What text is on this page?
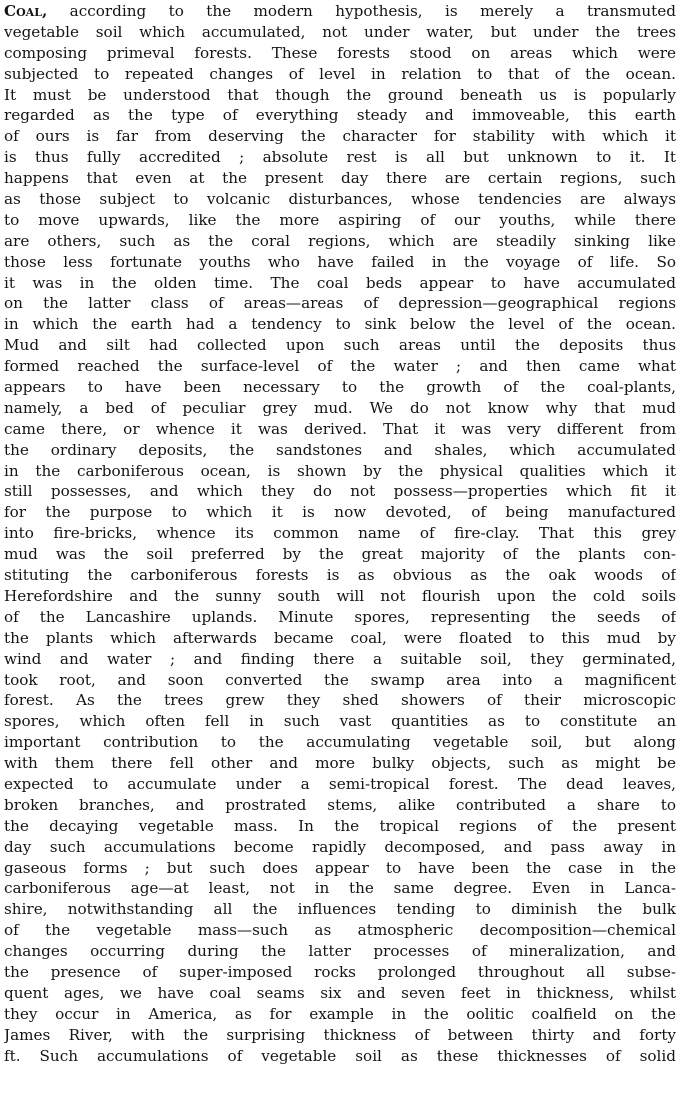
Coal, according to the modern hypothesis, is merely a transmuted
vegetable soil which accumulated, not under water, but under the trees
composing primeval forests. These forests stood on areas which were
subjected to repeated changes of level in relation to that of the ocean.
It must be understood that though the ground beneath us is popularly
regarded as the type of everything steady and immoveable, this earth
of ours is far from deserving the character for stability with which it
is thus fully accredited ; absolute rest is all but unknown to it. It
happens that even at the present day there are certain regions, such
as those subject to volcanic disturbances, whose tendencies are always
to move upwards, like the more aspiring of our youths, while there
are others, such as the coral regions, which are steadily sinking like
those less fortunate youths who have failed in the voyage of life. So
it was in the olden time. The coal beds appear to have accumulated
on the latter class of areas—areas of depression—geographical regions
in which the earth had a tendency to sink below the level of the ocean.
Mud and silt had collected upon such areas until the deposits thus
formed reached the surface-level of the water ; and then came what
appears to have been necessary to the growth of the coal-plants,
namely, a bed of peculiar grey mud. We do not know why that mud
came there, or whence it was derived. That it was very different from
the ordinary deposits, the sandstones and shales, which accumulated
in the carboniferous ocean, is shown by the physical qualities which it
still possesses, and which they do not possess—properties which fit it
for the purpose to which it is now devoted, of being manufactured
into fire-bricks, whence its common name of fire-clay. That this grey
mud was the soil preferred by the great majority of the plants con-
stituting the carboniferous forests is as obvious as the oak woods of
Herefordshire and the sunny south will not flourish upon the cold soils
of the Lancashire uplands. Minute spores, representing the seeds of
the plants which afterwards became coal, were floated to this mud by
wind and water ; and finding there a suitable soil, they germinated,
took root, and soon converted the swamp area into a magnificent
forest. As the trees grew they shed showers of their microscopic
spores, which often fell in such vast quantities as to constitute an
important contribution to the accumulating vegetable soil, but along
with them there fell other and more bulky objects, such as might be
expected to accumulate under a semi-tropical forest. The dead leaves,
broken branches, and prostrated stems, alike contributed a share to
the decaying vegetable mass. In the tropical regions of the present
day such accumulations become rapidly decomposed, and pass away in
gaseous forms ; but such does appear to have been the case in the
carboniferous age—at least, not in the same degree. Even in Lanca-
shire, notwithstanding all the influences tending to diminish the bulk
of the vegetable mass—such as atmospheric decomposition—chemical
changes occurring during the latter processes of mineralization, and
the presence of super-imposed rocks prolonged throughout all subse-
quent ages, we have coal seams six and seven feet in thickness, whilst
they occur in America, as for example in the oolitic coalfield on the
James River, with the surprising thickness of between thirty and forty
ft. Such accumulations of vegetable soil as these thicknesses of solid
